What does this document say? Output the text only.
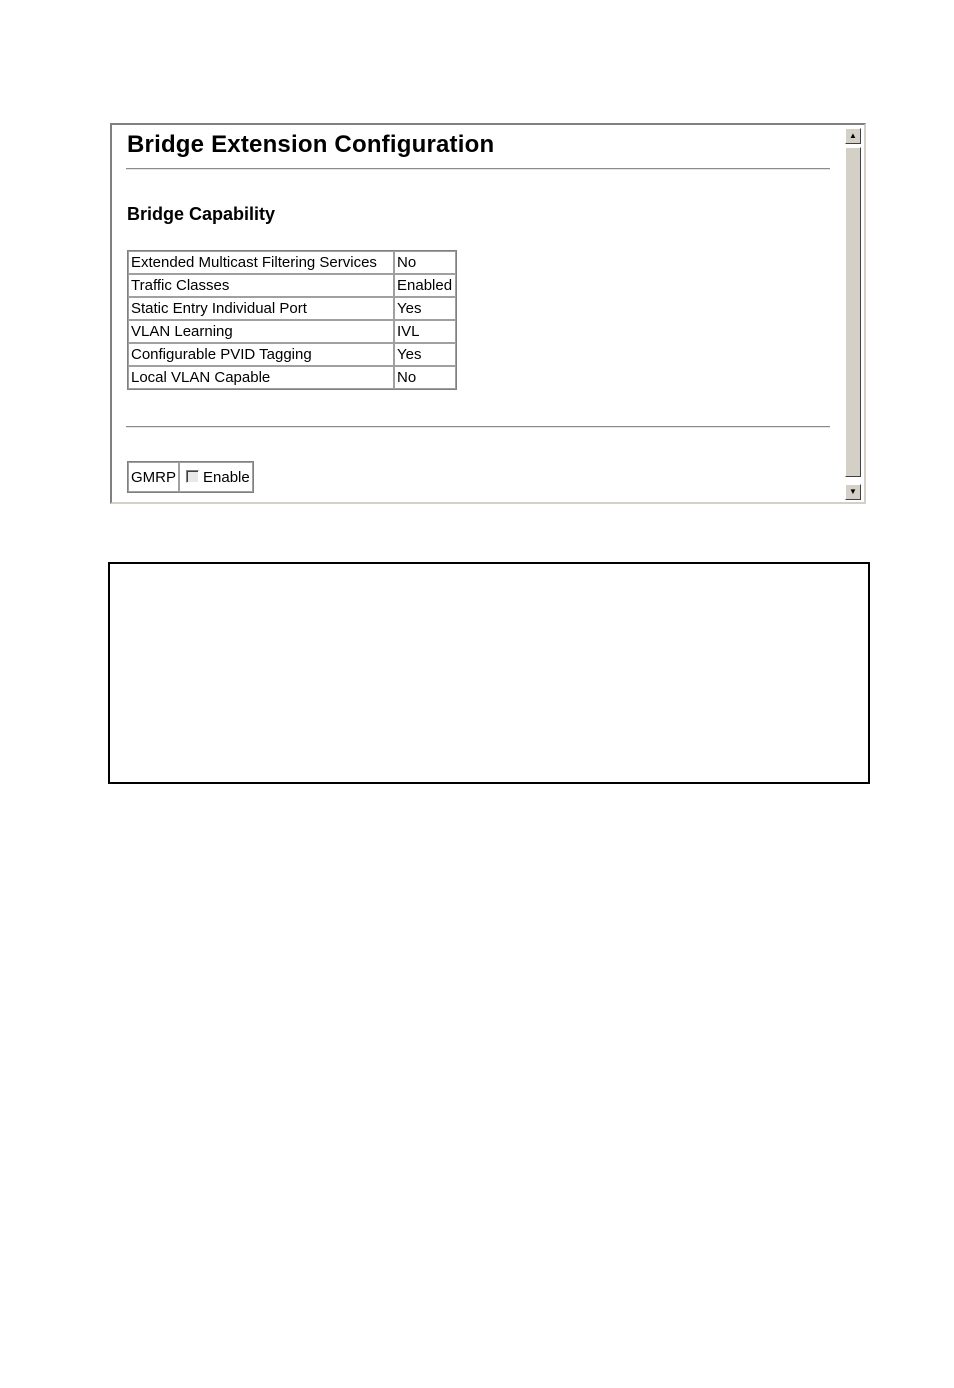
Bridge Extension Configuration
Bridge Capability
Extended Multicast Filtering Services	No
Traffic Classes	Enabled
Static Entry Individual Port	Yes
VLAN Learning	IVL
Configurable PVID Tagging	Yes
Local VLAN Capable	No
GMRP	Enable
▲
▼
